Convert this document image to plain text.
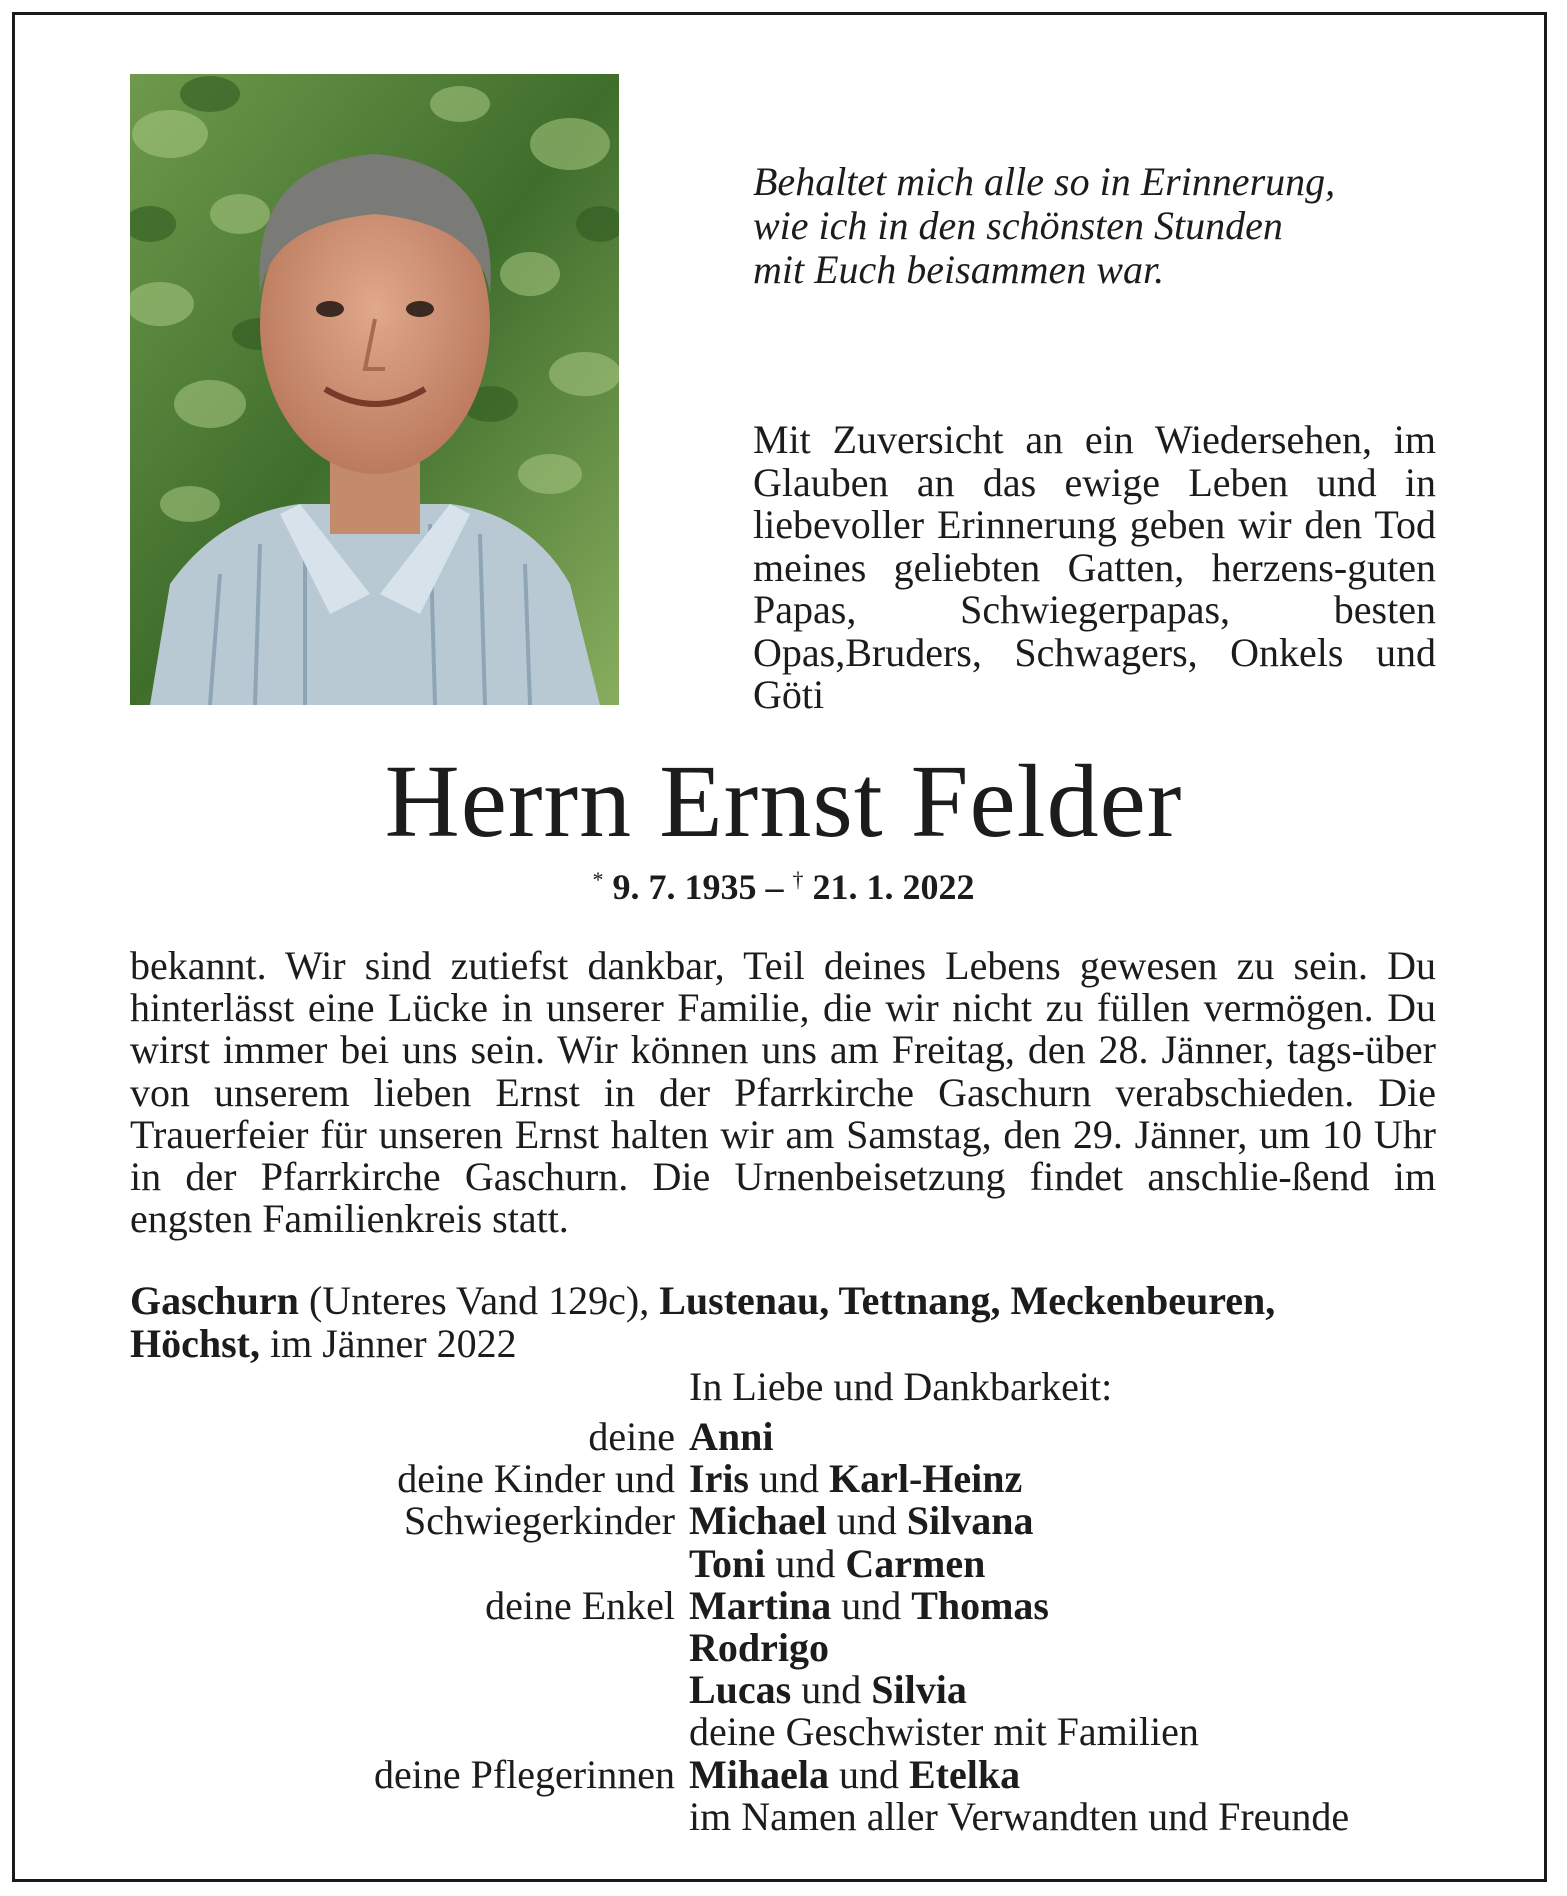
Behaltet mich alle so in Erinnerung,
wie ich in den schönsten Stunden
mit Euch beisammen war.
Mit Zuversicht an ein Wiedersehen, im Glauben an das ewige Leben und in liebevoller Erinnerung geben wir den Tod meines geliebten Gatten, herzens-guten Papas, Schwiegerpapas, besten Opas,Bruders, Schwagers, Onkels und Göti
Herrn Ernst Felder
* 9. 7. 1935 – † 21. 1. 2022
bekannt. Wir sind zutiefst dankbar, Teil deines Lebens gewesen zu sein. Du hinterlässt eine Lücke in unserer Familie, die wir nicht zu füllen vermögen. Du wirst immer bei uns sein. Wir können uns am Freitag, den 28. Jänner, tags-über von unserem lieben Ernst in der Pfarrkirche Gaschurn verabschieden. Die Trauerfeier für unseren Ernst halten wir am Samstag, den 29. Jänner, um 10 Uhr in der Pfarrkirche Gaschurn. Die Urnenbeisetzung findet anschlie-ßend im engsten Familienkreis statt.
Gaschurn (Unteres Vand 129c), Lustenau, Tettnang, Meckenbeuren,
Höchst, im Jänner 2022
In Liebe und Dankbarkeit:
deine Anni
deine Kinder und Iris und Karl-Heinz
Schwiegerkinder Michael und Silvana
Toni und Carmen
deine Enkel Martina und Thomas
Rodrigo
Lucas und Silvia
deine Geschwister mit Familien
deine Pflegerinnen Mihaela und Etelka
im Namen aller Verwandten und Freunde
